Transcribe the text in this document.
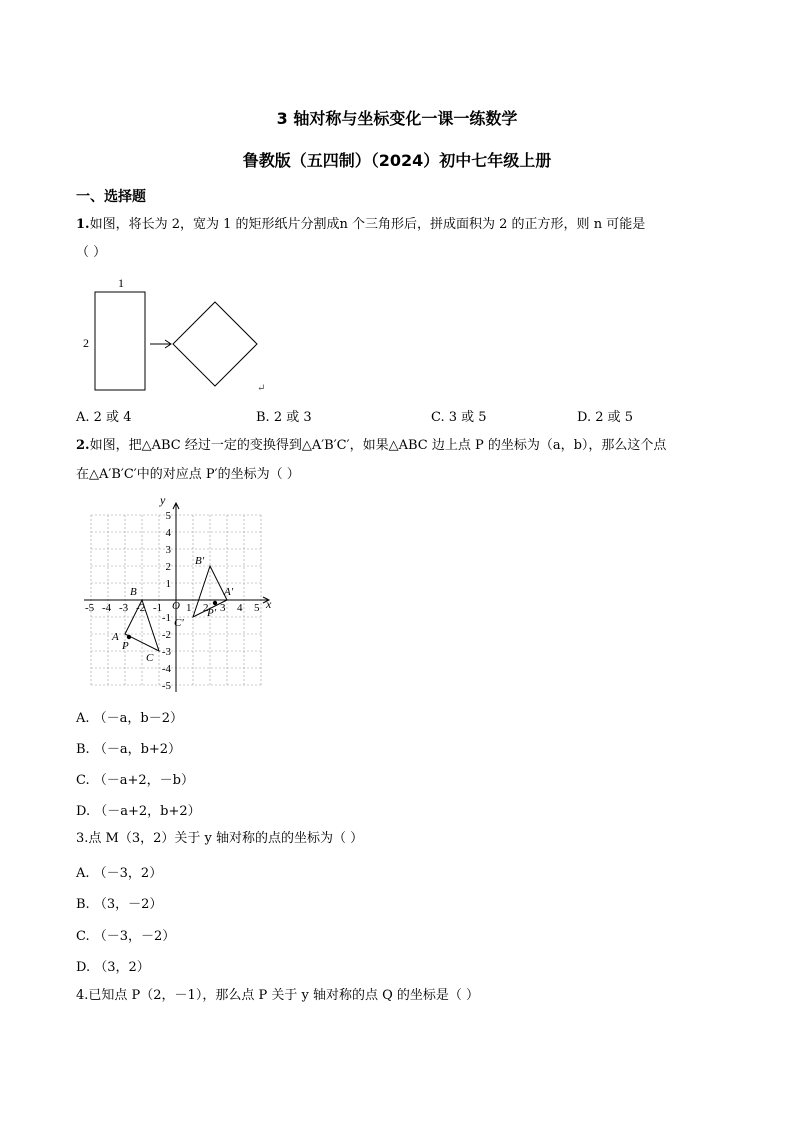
3 轴对称与坐标变化一课一练数学
鲁教版（五四制）（2024）初中七年级上册
一、选择题
1.如图，将长为 2，宽为 1 的矩形纸片分割成n 个三角形后，拼成面积为 2 的正方形，则 n 可能是
（ ）
1
2
↵
A. 2 或 4	B. 2 或 3	C. 3 或 5	D. 2 或 5
2.如图，把△ABC 经过一定的变换得到△A′B′C′，如果△ABC 边上点 P 的坐标为（a，b），那么这个点
在△A′B′C′中的对应点 P′的坐标为（ ）
x
y
O
-5 -4 -3 -2 -1 1 2 3 4 5
5
4
3
2
1
-1
-2
-3
-4
-5
A
B
C
P
A′
B′
C′
P′
A. （－a，b－2）
B. （－a，b+2）
C. （－a+2，－b）
D. （－a+2，b+2）
3.点 M（3，2）关于 y 轴对称的点的坐标为（ ）
A. （－3，2）
B. （3，－2）
C. （－3，－2）
D. （3，2）
4.已知点 P（2，－1），那么点 P 关于 y 轴对称的点 Q 的坐标是（ ）
